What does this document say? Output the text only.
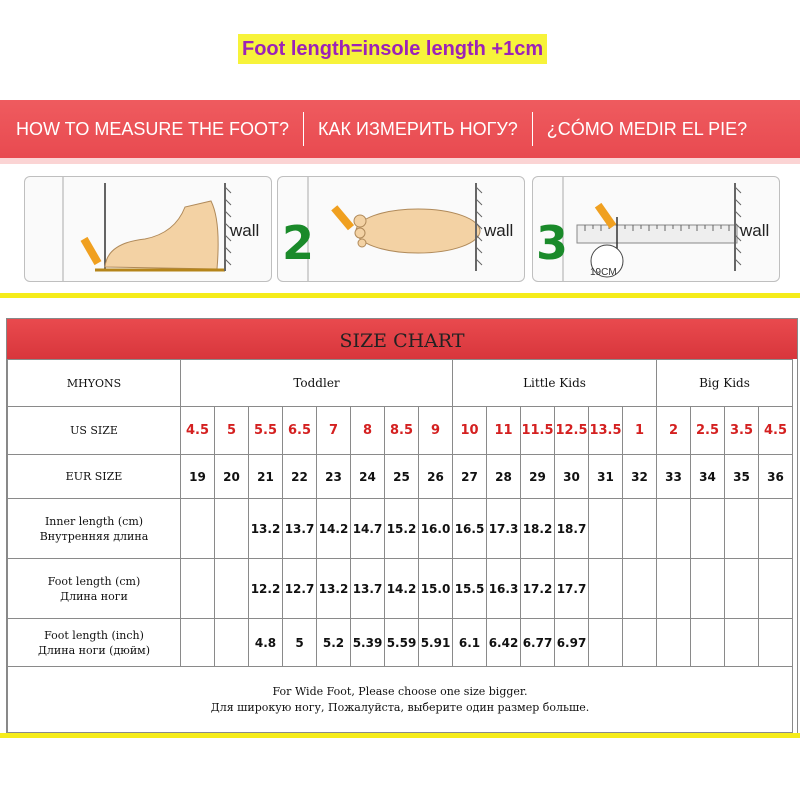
Foot length=insole length +1cm
HOW TO MEASURE THE FOOT? КАК ИЗМЕРИТЬ НОГУ? ¿CÓMO MEDIR EL PIE?
wall 2	wall 3
19CM
wall
SIZE CHART
MHYONS	Toddler								Little Kids						Big Kids			
US SIZE	4.5	5	5.5	6.5	7	8	8.5	9	10	11	11.5	12.5	13.5	1	2	2.5	3.5	4.5
EUR SIZE	19	20	21	22	23	24	25	26	27	28	29	30	31	32	33	34	35	36

Inner length (cm)
Внутренняя длина			13.2	13.7	14.2	14.7	15.2	16.0	16.5	17.3	18.2	18.7						

Foot length (cm)
Длина ноги			12.2	12.7	13.2	13.7	14.2	15.0	15.5	16.3	17.2	17.7						

Foot length (inch)
Длина ноги (дюйм)			4.8	5	5.2	5.39	5.59	5.91	6.1	6.42	6.77	6.97						

For Wide Foot, Please choose one size bigger.
Для широкую ногу, Пожалуйста, выберите один размер больше.																		
